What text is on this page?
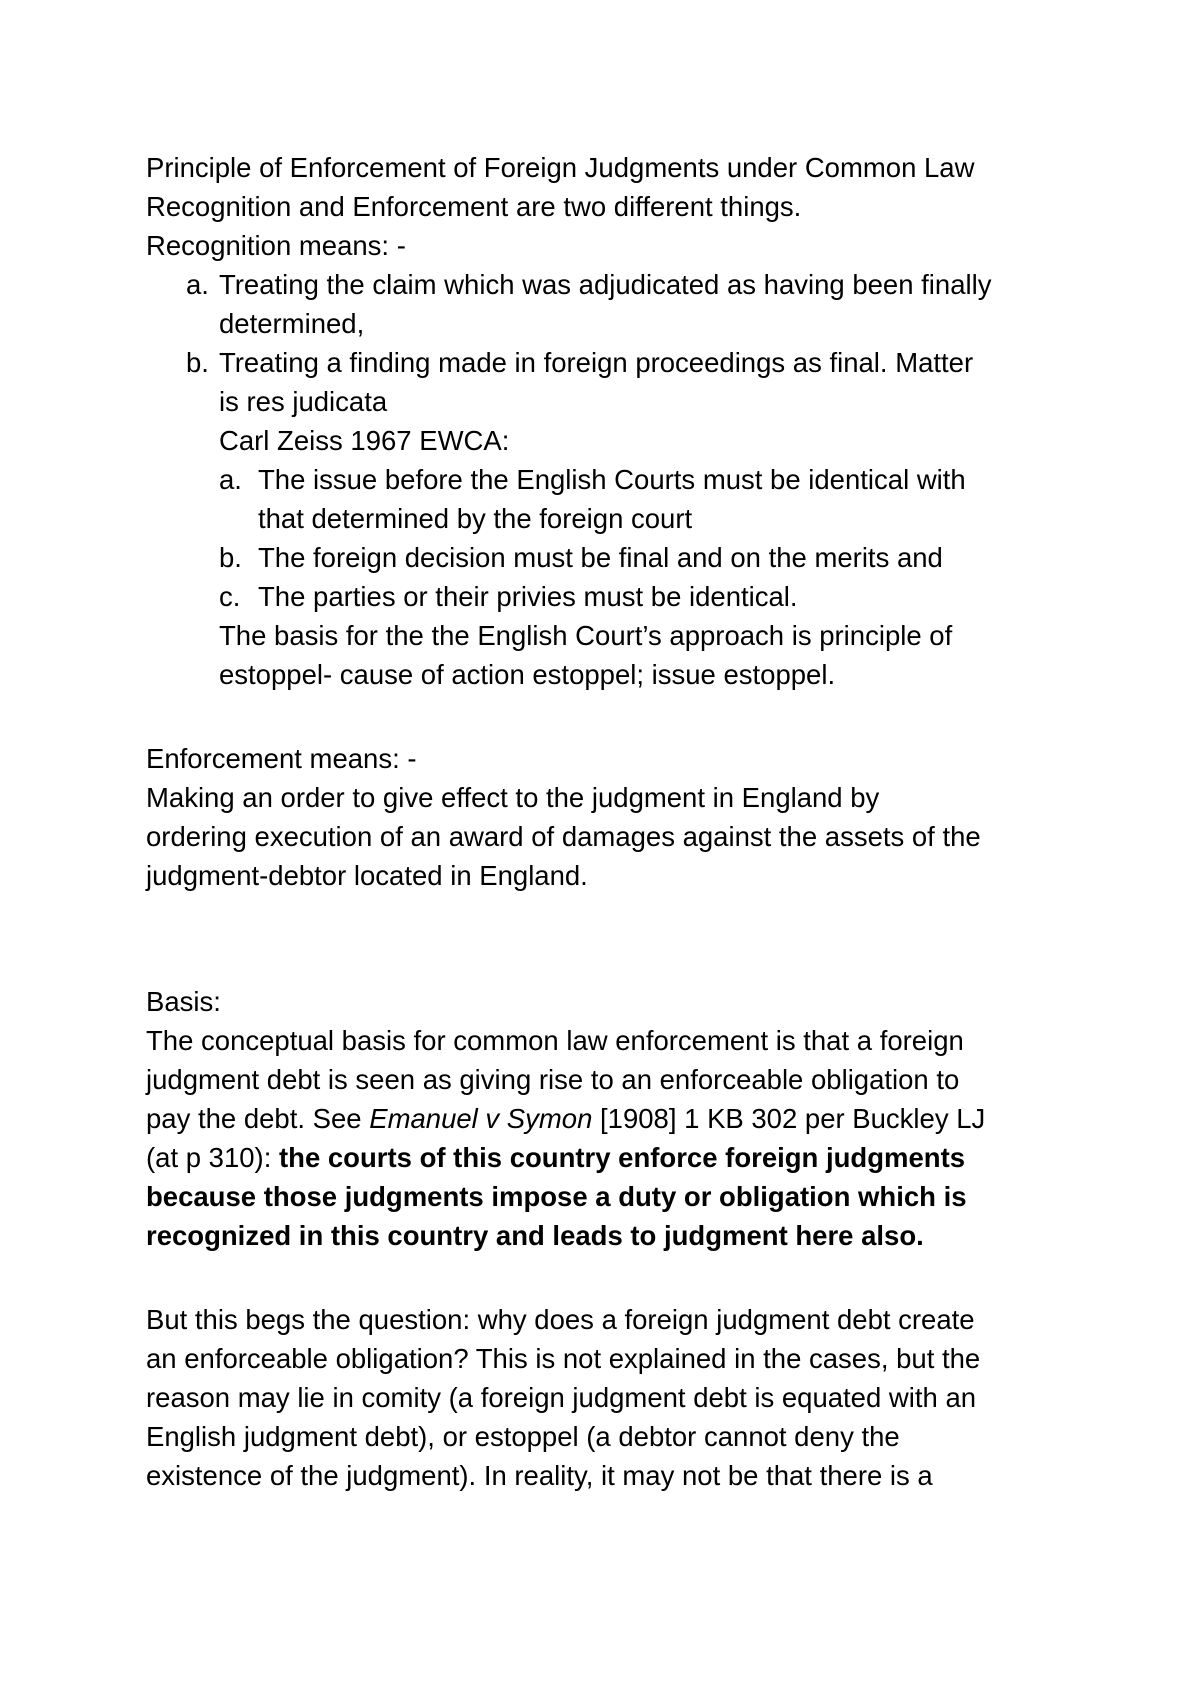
Principle of Enforcement of Foreign Judgments under Common Law
Recognition and Enforcement are two different things.
Recognition means: -
a. Treating the claim which was adjudicated as having been finally
determined,
b. Treating a finding made in foreign proceedings as final. Matter
is res judicata
Carl Zeiss 1967 EWCA:
a. The issue before the English Courts must be identical with
that determined by the foreign court
b. The foreign decision must be final and on the merits and
c. The parties or their privies must be identical.
The basis for the the English Court’s approach is principle of
estoppel- cause of action estoppel; issue estoppel.
Enforcement means: -
Making an order to give effect to the judgment in England by
ordering execution of an award of damages against the assets of the
judgment-debtor located in England.
Basis:
The conceptual basis for common law enforcement is that a foreign
judgment debt is seen as giving rise to an enforceable obligation to
pay the debt. See Emanuel v Symon [1908] 1 KB 302 per Buckley LJ
(at p 310): the courts of this country enforce foreign judgments
because those judgments impose a duty or obligation which is
recognized in this country and leads to judgment here also.
But this begs the question: why does a foreign judgment debt create
an enforceable obligation? This is not explained in the cases, but the
reason may lie in comity (a foreign judgment debt is equated with an
English judgment debt), or estoppel (a debtor cannot deny the
existence of the judgment). In reality, it may not be that there is a
